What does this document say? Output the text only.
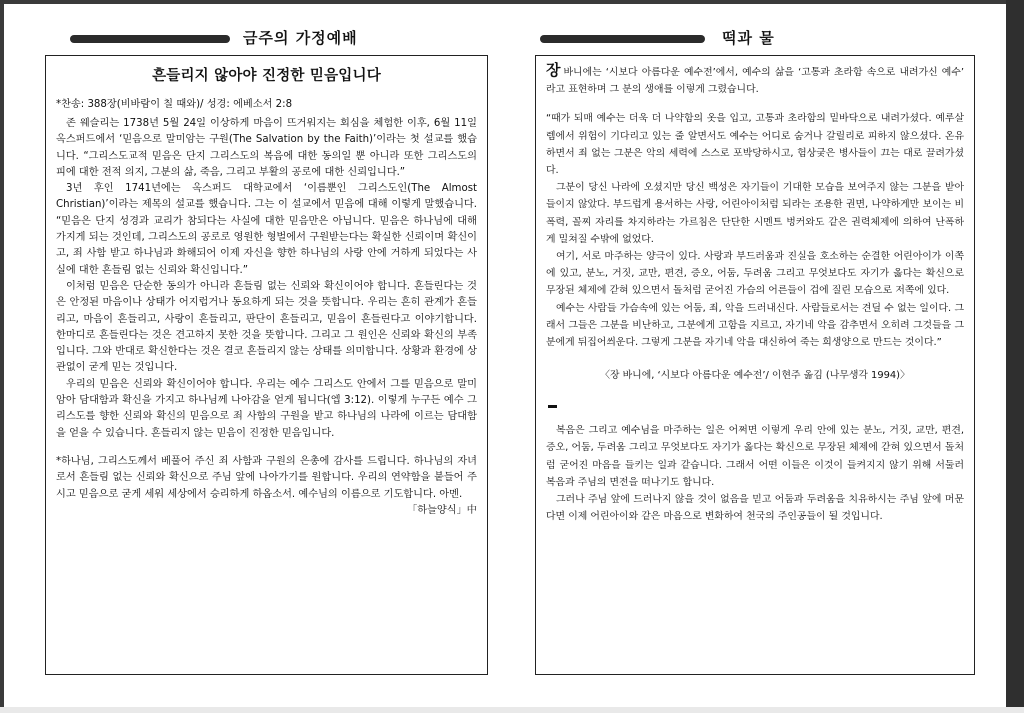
금주의 가정예배	떡과 물
흔들리지 않아야 진정한 믿음입니다

*찬송: 388장(비바람이 칠 때와)/ 성경: 에베소서 2:8

존 웨슬리는 1738년 5월 24일 이상하게 마음이 뜨거워지는 회심을 체험한 이후, 6월 11일 옥스퍼드에서 ‘믿음으로 말미암는 구원(The Salvation by the Faith)’이라는 첫 설교를 했습니다. “그리스도교적 믿음은 단지 그리스도의 복음에 대한 동의일 뿐 아니라 또한 그리스도의 피에 대한 전적 의지, 그분의 삶, 죽음, 그리고 부활의 공로에 대한 신뢰입니다.”

3년 후인 1741년에는 옥스퍼드 대학교에서 ‘이름뿐인 그리스도인(The Almost Christian)’이라는 제목의 설교를 했습니다. 그는 이 설교에서 믿음에 대해 이렇게 말했습니다. “믿음은 단지 성경과 교리가 참되다는 사실에 대한 믿음만은 아닙니다. 믿음은 하나님에 대해 가지게 되는 것인데, 그리스도의 공로로 영원한 형벌에서 구원받는다는 확실한 신뢰이며 확신이고, 죄 사함 받고 하나님과 화해되어 이제 자신을 향한 하나님의 사랑 안에 거하게 되었다는 사실에 대한 흔들림 없는 신뢰와 확신입니다.”

이처럼 믿음은 단순한 동의가 아니라 흔들림 없는 신뢰와 확신이어야 합니다. 흔들린다는 것은 안정된 마음이나 상태가 어지럽거나 동요하게 되는 것을 뜻합니다. 우리는 흔히 관계가 흔들리고, 마음이 흔들리고, 사랑이 흔들리고, 판단이 흔들리고, 믿음이 흔들린다고 이야기합니다. 한마디로 흔들린다는 것은 견고하지 못한 것을 뜻합니다. 그리고 그 원인은 신뢰와 확신의 부족입니다. 그와 반대로 확신한다는 것은 결코 흔들리지 않는 상태를 의미합니다. 상황과 환경에 상관없이 굳게 믿는 것입니다.

우리의 믿음은 신뢰와 확신이어야 합니다. 우리는 예수 그리스도 안에서 그를 믿음으로 말미암아 담대함과 확신을 가지고 하나님께 나아감을 얻게 됩니다(엡 3:12). 이렇게 누구든 예수 그리스도를 향한 신뢰와 확신의 믿음으로 죄 사함의 구원을 받고 하나님의 나라에 이르는 담대함을 얻을 수 있습니다. 흔들리지 않는 믿음이 진정한 믿음입니다.

*하나님, 그리스도께서 베풀어 주신 죄 사함과 구원의 은총에 감사를 드립니다. 하나님의 자녀로서 흔들림 없는 신뢰와 확신으로 주님 앞에 나아가기를 원합니다. 우리의 연약함을 붙들어 주시고 믿음으로 굳게 세워 세상에서 승리하게 하옵소서. 예수님의 이름으로 기도합니다. 아멘.
「하늘양식」中

장바니에는 ‘시보다 아름다운 예수전’에서, 예수의 삶을 ‘고통과 초라함 속으로 내려가신 예수’ 라고 표현하며 그 분의 생애를 이렇게 그렸습니다.

“때가 되매 예수는 더욱 더 나약함의 옷을 입고, 고통과 초라함의 밑바닥으로 내려가셨다. 예루살렘에서 위험이 기다리고 있는 줄 알면서도 예수는 어디로 숨거나 갈릴리로 피하지 않으셨다. 온유하면서 죄 없는 그분은 악의 세력에 스스로 포박당하시고, 험상궂은 병사들이 끄는 대로 끌려가셨다.

그분이 당신 나라에 오셨지만 당신 백성은 자기들이 기대한 모습을 보여주지 않는 그분을 받아들이지 않았다. 부드럽게 용서하는 사랑, 어린아이처럼 되라는 조용한 권면, 나약하게만 보이는 비폭력, 꼴찌 자리를 차지하라는 가르침은 단단한 시멘트 벙커와도 같은 권력체제에 의하여 난폭하게 밀쳐질 수밖에 없었다.

여기, 서로 마주하는 양극이 있다. 사랑과 부드러움과 진실을 호소하는 순결한 어린아이가 이쪽에 있고, 분노, 거짓, 교만, 편견, 증오, 어둠, 두려움 그리고 무엇보다도 자기가 옳다는 확신으로 무장된 체제에 갇혀 있으면서 돌처럼 굳어진 가슴의 어른들이 겁에 질린 모습으로 저쪽에 있다.

예수는 사람들 가슴속에 있는 어둠, 죄, 악을 드러내신다. 사람들로서는 견딜 수 없는 일이다. 그래서 그들은 그분을 비난하고, 그분에게 고함을 지르고, 자기네 악을 감추면서 오히려 그것들을 그분에게 뒤집어씌운다. 그렇게 그분을 자기네 악을 대신하여 죽는 희생양으로 만드는 것이다.”

〈장 바니에, ‘시보다 아름다운 예수전’/ 이현주 옮김 (나무생각 1994)〉

복음은 그리고 예수님을 마주하는 일은 어쩌면 이렇게 우리 안에 있는 분노, 거짓, 교만, 편견, 증오, 어둠, 두려움 그리고 무엇보다도 자기가 옳다는 확신으로 무장된 체제에 갇혀 있으면서 돌처럼 굳어진 마음을 들키는 일과 같습니다. 그래서 어떤 이들은 이것이 들켜지지 않기 위해 서둘러 복음과 주님의 면전을 떠나기도 합니다.

그러나 주님 앞에 드러나지 않을 것이 없음을 믿고 어둠과 두려움을 치유하시는 주님 앞에 머문다면 이제 어린아이와 같은 마음으로 변화하여 천국의 주인공들이 될 것입니다.
